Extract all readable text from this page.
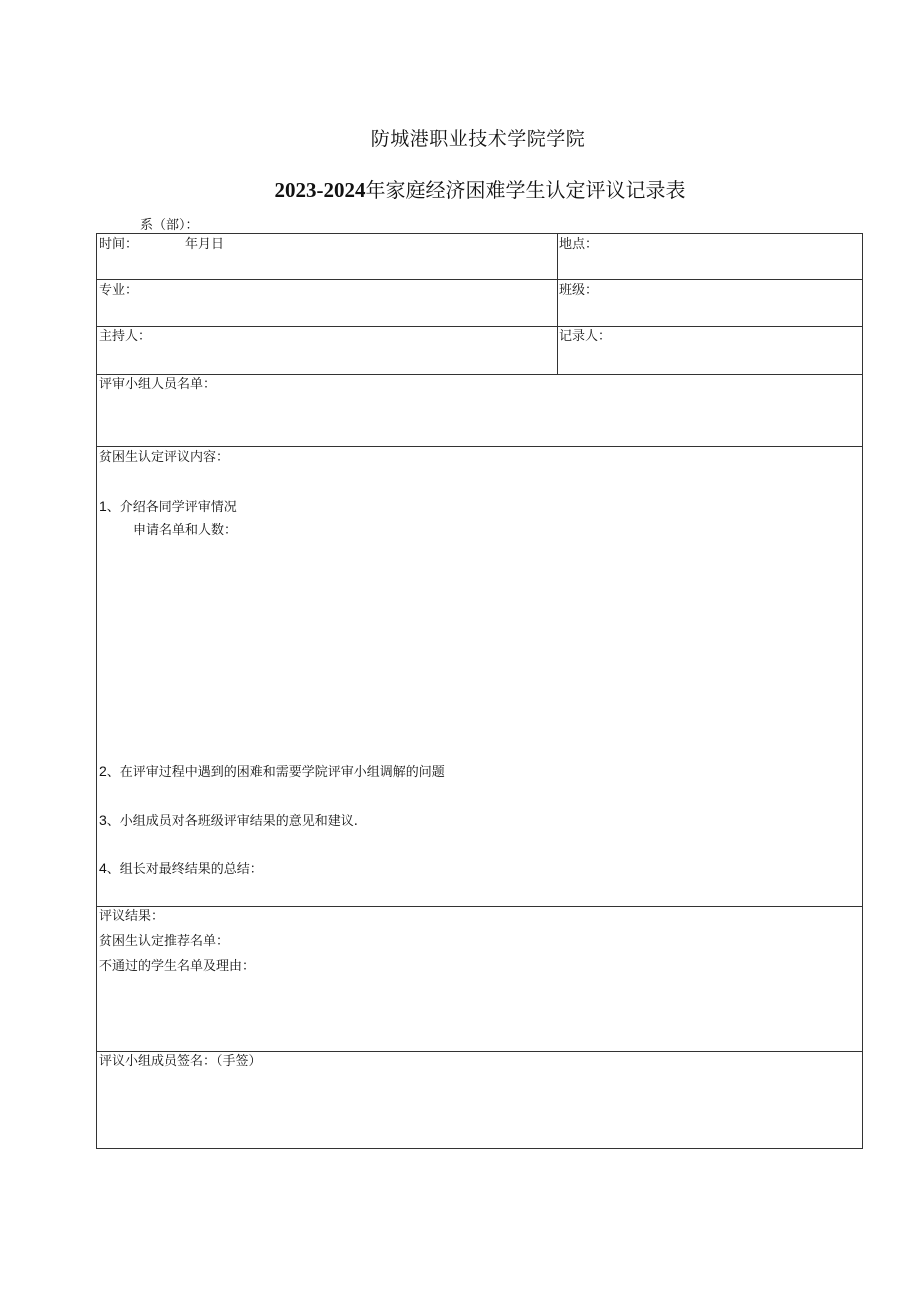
防城港职业技术学院学院
2023-2024年家庭经济困难学生认定评议记录表
系（部）：
时间：	年月日	地点：
专业：	班级：
主持人：	记录人：
评审小组人员名单：
贫困生认定评议内容：
1、介绍各同学评审情况
申请名单和人数：
2、在评审过程中遇到的困难和需要学院评审小组调解的问题
3、小组成员对各班级评审结果的意见和建议.
4、组长对最终结果的总结：
评议结果：
贫困生认定推荐名单：
不通过的学生名单及理由：
评议小组成员签名：（手签）
